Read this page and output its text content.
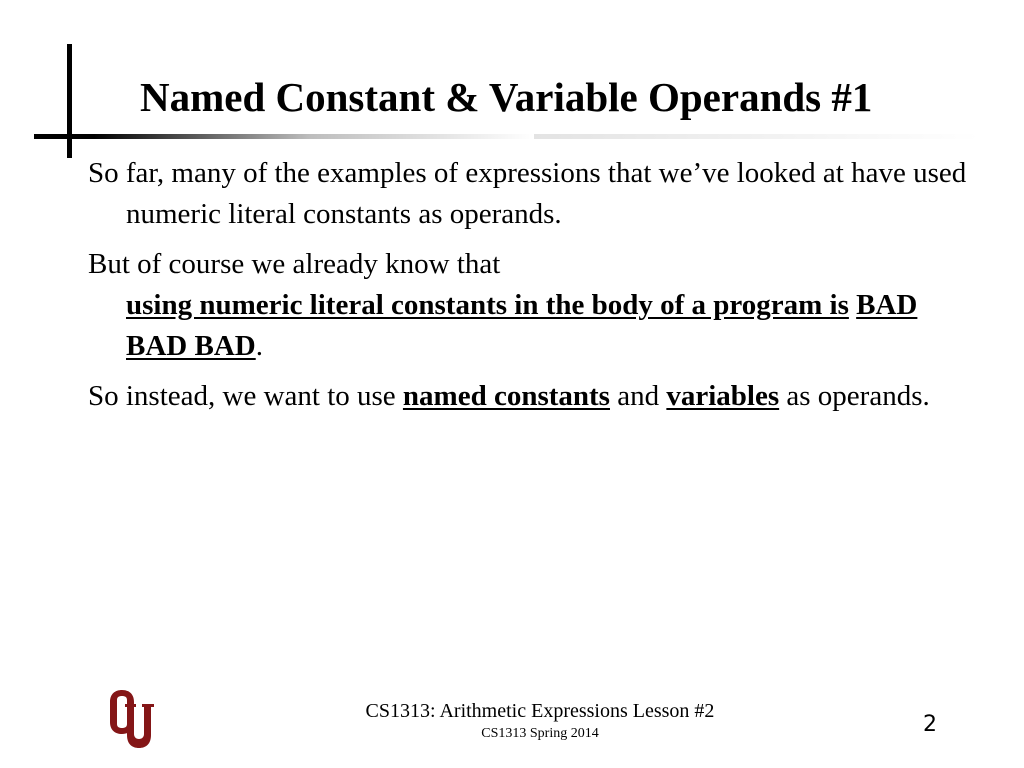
Named Constant & Variable Operands #1

So far, many of the examples of expressions that we’ve looked at have used numeric literal constants as operands.

But of course we already know that
using numeric literal constants in the body of a program is BAD BAD BAD.

So instead, we want to use named constants and variables as operands.

CS1313: Arithmetic Expressions Lesson #2
CS1313 Spring 2014	2
